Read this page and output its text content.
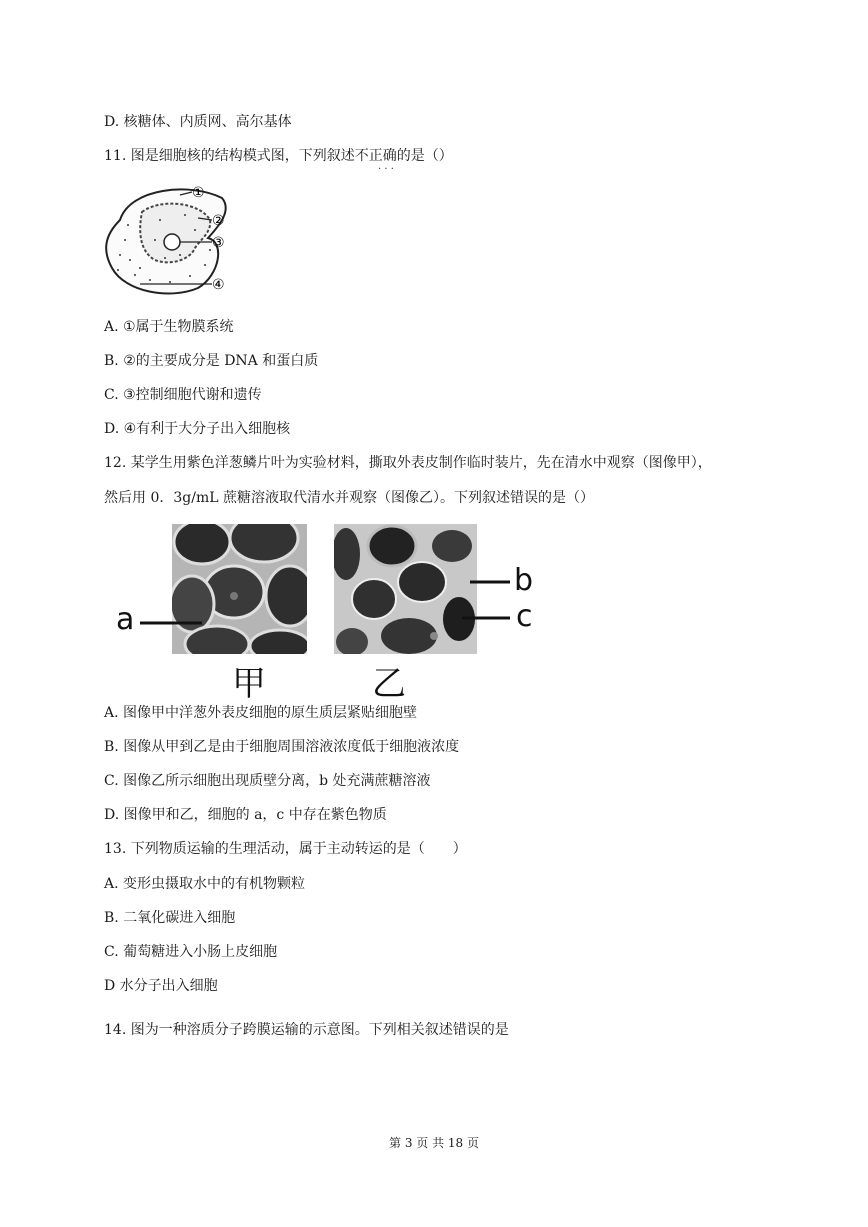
D. 核糖体、内质网、高尔基体
11. 图是细胞核的结构模式图，下列叙述不正确的是（）
· · ·
①
②
③
④
A. ①属于生物膜系统
B. ②的主要成分是 DNA 和蛋白质
C. ③控制细胞代谢和遗传
D. ④有利于大分子出入细胞核
12. 某学生用紫色洋葱鳞片叶为实验材料，撕取外表皮制作临时装片，先在清水中观察（图像甲），
然后用 0．3g/mL 蔗糖溶液取代清水并观察（图像乙）。下列叙述错误的是（）
a
b
c
甲	乙
A. 图像甲中洋葱外表皮细胞的原生质层紧贴细胞壁
B. 图像从甲到乙是由于细胞周围溶液浓度低于细胞液浓度
C. 图像乙所示细胞出现质壁分离，b 处充满蔗糖溶液
D. 图像甲和乙，细胞的 a，c 中存在紫色物质
13. 下列物质运输的生理活动，属于主动转运的是（　　）
A. 变形虫摄取水中的有机物颗粒
B. 二氧化碳进入细胞
C. 葡萄糖进入小肠上皮细胞
D 水分子出入细胞
14. 图为一种溶质分子跨膜运输的示意图。下列相关叙述错误的是
第 3 页 共 18 页
